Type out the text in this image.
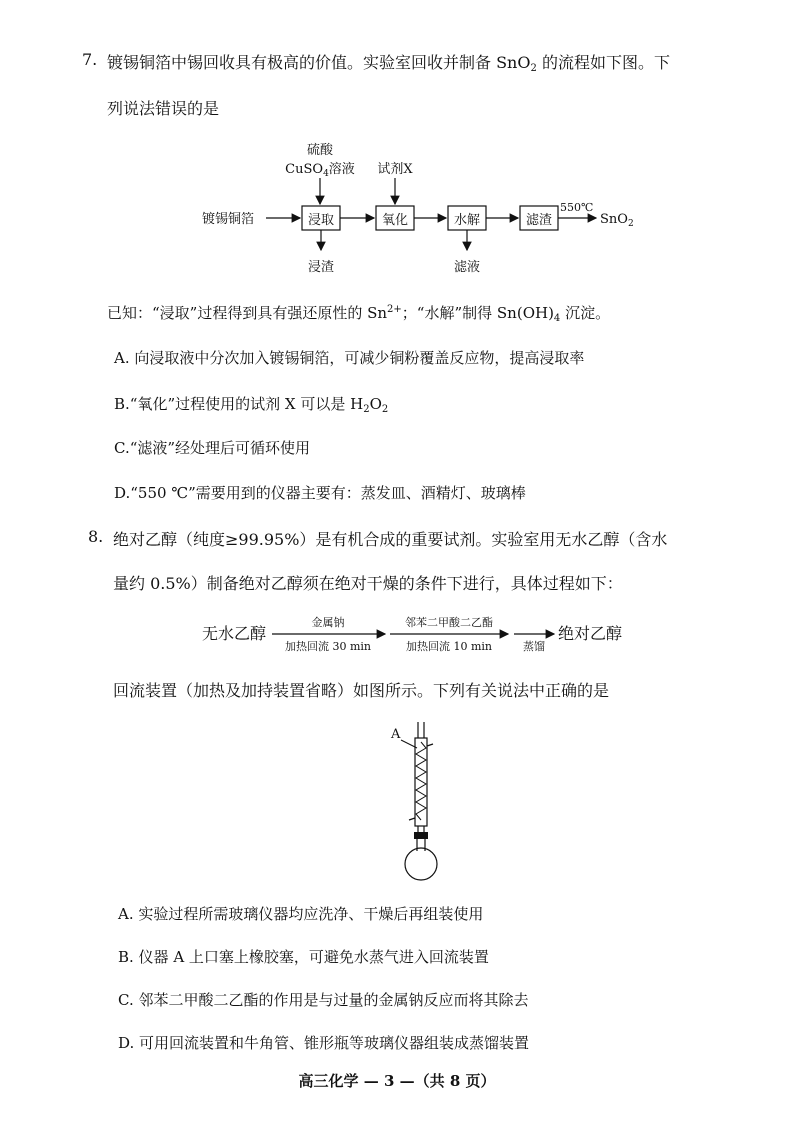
7. 镀锡铜箔中锡回收具有极高的价值。实验室回收并制备 SnO$_2$ 的流程如下图。下
列说法错误的是
硫酸
CuSO$_4$溶液 试剂X
镀锡铜箔	浸取	氧化	水解	滤渣
550℃
SnO$_2$
浸渣	滤液
已知：“浸取”过程得到具有强还原性的 $Sn^{2+}$；“水解”制得 $Sn(OH)_4$ 沉淀。
A. 向浸取液中分次加入镀锡铜箔，可减少铜粉覆盖反应物，提高浸取率
B.“氧化”过程使用的试剂 X 可以是 $H_2O_2$
C.“滤液”经处理后可循环使用
D.“550 ℃”需要用到的仪器主要有：蒸发皿、酒精灯、玻璃棒
8. 绝对乙醇（纯度≥99.95%）是有机合成的重要试剂。实验室用无水乙醇（含水
量约 0.5%）制备绝对乙醇须在绝对干燥的条件下进行，具体过程如下：
无水乙醇
金属钠
加热回流 30 min
邻苯二甲酸二乙酯
加热回流 10 min	蒸馏
绝对乙醇
回流装置（加热及加持装置省略）如图所示。下列有关说法中正确的是
A
A. 实验过程所需玻璃仪器均应洗净、干燥后再组装使用
B. 仪器 A 上口塞上橡胶塞，可避免水蒸气进入回流装置
C. 邻苯二甲酸二乙酯的作用是与过量的金属钠反应而将其除去
D. 可用回流装置和牛角管、锥形瓶等玻璃仪器组装成蒸馏装置
高三化学 — 3 —（共 8 页）
